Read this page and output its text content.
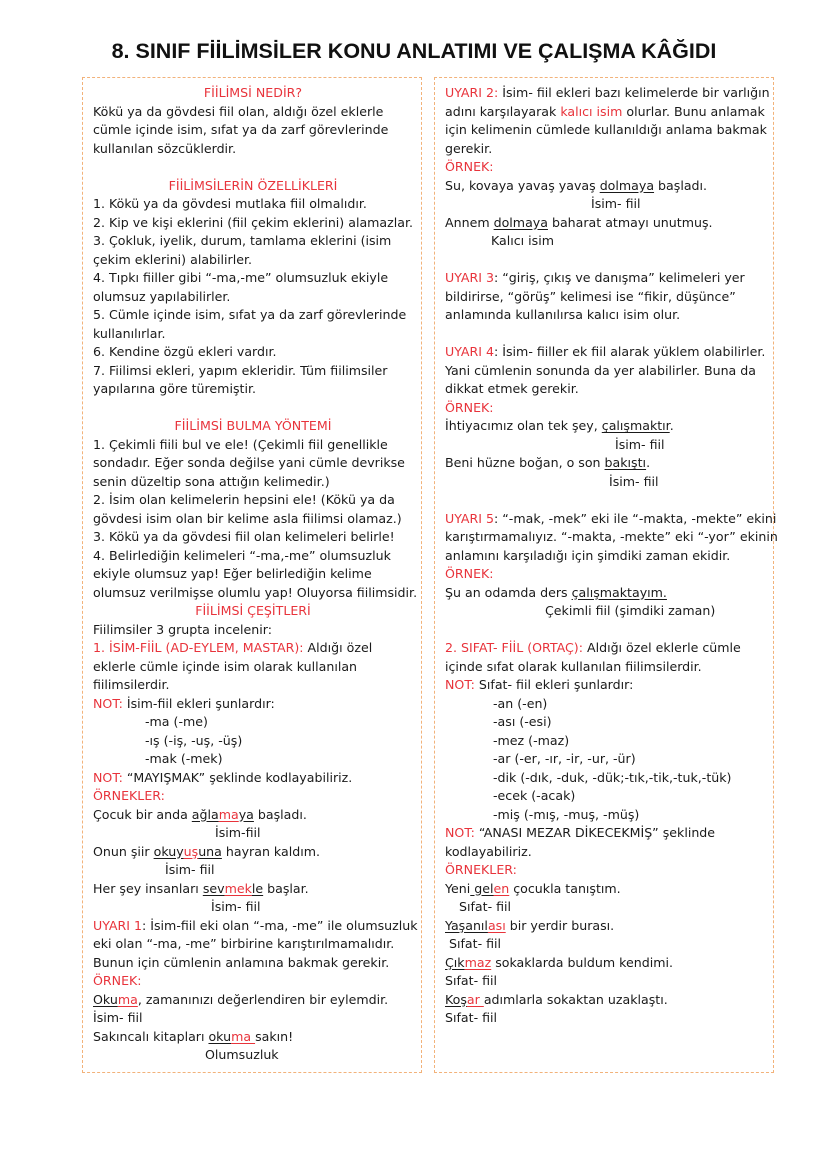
8. SINIF FİİLİMSİLER KONU ANLATIMI VE ÇALIŞMA KÂĞIDI
FİİLİMSİ NEDİR?
Kökü ya da gövdesi fiil olan, aldığı özel eklerle
cümle içinde isim, sıfat ya da zarf görevlerinde
kullanılan sözcüklerdir.
FİİLİMSİLERİN ÖZELLİKLERİ
1. Kökü ya da gövdesi mutlaka fiil olmalıdır.
2. Kip ve kişi eklerini (fiil çekim eklerini) alamazlar.
3. Çokluk, iyelik, durum, tamlama eklerini (isim
çekim eklerini) alabilirler.
4. Tıpkı fiiller gibi “-ma,-me” olumsuzluk ekiyle
olumsuz yapılabilirler.
5. Cümle içinde isim, sıfat ya da zarf görevlerinde
kullanılırlar.
6. Kendine özgü ekleri vardır.
7. Fiilimsi ekleri, yapım ekleridir. Tüm fiilimsiler
yapılarına göre türemiştir.
FİİLİMSİ BULMA YÖNTEMİ
1. Çekimli fiili bul ve ele! (Çekimli fiil genellikle
sondadır. Eğer sonda değilse yani cümle devrikse
senin düzeltip sona attığın kelimedir.)
2. İsim olan kelimelerin hepsini ele! (Kökü ya da
gövdesi isim olan bir kelime asla fiilimsi olamaz.)
3. Kökü ya da gövdesi fiil olan kelimeleri belirle!
4. Belirlediğin kelimeleri “-ma,-me” olumsuzluk
ekiyle olumsuz yap! Eğer belirlediğin kelime
olumsuz verilmişse olumlu yap! Oluyorsa fiilimsidir.
FİİLİMSİ ÇEŞİTLERİ
Fiilimsiler 3 grupta incelenir:
1. İSİM-FİİL (AD-EYLEM, MASTAR): Aldığı özel
eklerle cümle içinde isim olarak kullanılan
fiilimsilerdir.
NOT: İsim-fiil ekleri şunlardır:
-ma (-me)
-ış (-iş, -uş, -üş)
-mak (-mek)
NOT: “MAYIŞMAK” şeklinde kodlayabiliriz.
ÖRNEKLER:
Çocuk bir anda ağlamaya başladı.
İsim-fiil
Onun şiir okuyuşuna hayran kaldım.
İsim- fiil
Her şey insanları sevmekle başlar.
İsim- fiil
UYARI 1: İsim-fiil eki olan “-ma, -me” ile olumsuzluk
eki olan “-ma, -me” birbirine karıştırılmamalıdır.
Bunun için cümlenin anlamına bakmak gerekir.
ÖRNEK:
Okuma, zamanınızı değerlendiren bir eylemdir.
İsim- fiil
Sakıncalı kitapları okuma sakın!
Olumsuzluk
UYARI 2: İsim- fiil ekleri bazı kelimelerde bir varlığın
adını karşılayarak kalıcı isim olurlar. Bunu anlamak
için kelimenin cümlede kullanıldığı anlama bakmak
gerekir.
ÖRNEK:
Su, kovaya yavaş yavaş dolmaya başladı.
İsim- fiil
Annem dolmaya baharat atmayı unutmuş.
Kalıcı isim
UYARI 3: “giriş, çıkış ve danışma” kelimeleri yer
bildirirse, “görüş” kelimesi ise “fikir, düşünce”
anlamında kullanılırsa kalıcı isim olur.
UYARI 4: İsim- fiiller ek fiil alarak yüklem olabilirler.
Yani cümlenin sonunda da yer alabilirler. Buna da
dikkat etmek gerekir.
ÖRNEK:
İhtiyacımız olan tek şey, çalışmaktır.
İsim- fiil
Beni hüzne boğan, o son bakıştı.
İsim- fiil
UYARI 5: “-mak, -mek” eki ile “-makta, -mekte” ekini
karıştırmamalıyız. “-makta, -mekte” eki “-yor” ekinin
anlamını karşıladığı için şimdiki zaman ekidir.
ÖRNEK:
Şu an odamda ders çalışmaktayım.
Çekimli fiil (şimdiki zaman)
2. SIFAT- FİİL (ORTAÇ): Aldığı özel eklerle cümle
içinde sıfat olarak kullanılan fiilimsilerdir.
NOT: Sıfat- fiil ekleri şunlardır:
-an (-en)
-ası (-esi)
-mez (-maz)
-ar (-er, -ır, -ir, -ur, -ür)
-dik (-dık, -duk, -dük;-tık,-tik,-tuk,-tük)
-ecek (-acak)
-miş (-mış, -muş, -müş)
NOT: “ANASI MEZAR DİKECEKMİŞ” şeklinde
kodlayabiliriz.
ÖRNEKLER:
Yeni gelen çocukla tanıştım.
Sıfat- fiil
Yaşanılası bir yerdir burası.
Sıfat- fiil
Çıkmaz sokaklarda buldum kendimi.
Sıfat- fiil
Koşar adımlarla sokaktan uzaklaştı.
Sıfat- fiil
